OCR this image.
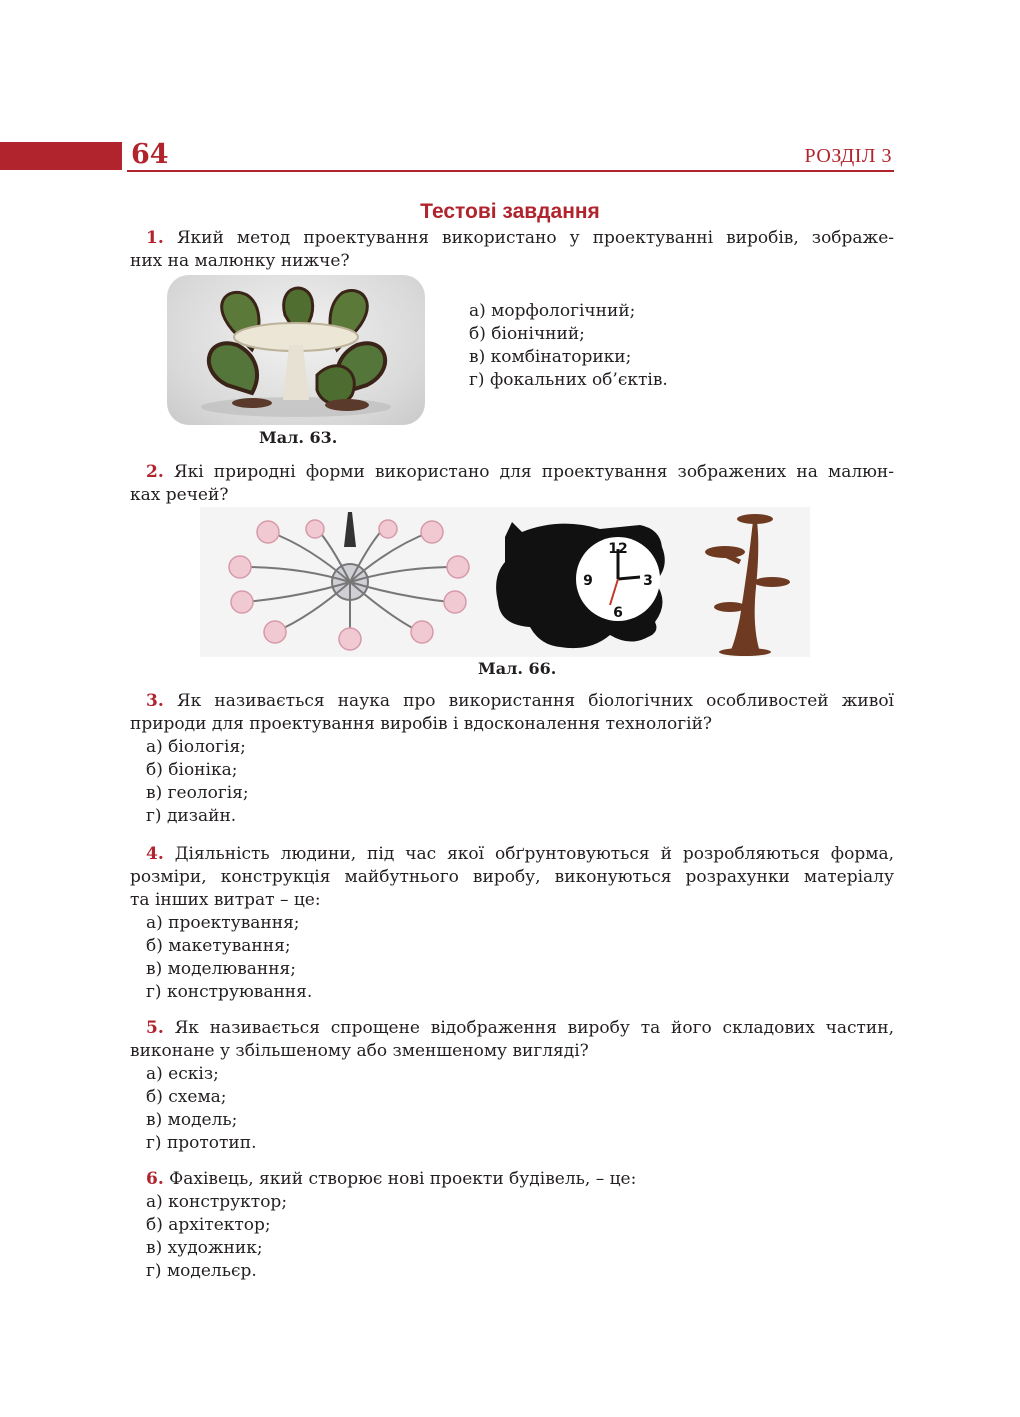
64	РОЗДІЛ 3
Тестові завдання
1. Який метод проектування використано у проектуванні виробів, зображе-
них на малюнку нижче?
а) морфологічний;
б) біонічний;
в) комбінаторики;
г) фокальних об’єктів.
Мал. 63.
2. Які природні форми використано для проектування зображених на малюн-
ках речей?
12
9	3
6
Мал. 66.
3. Як називається наука про використання біологічних особливостей живої
природи для проектування виробів і вдосконалення технологій?
а) біологія;
б) біоніка;
в) геологія;
г) дизайн.
4. Діяльність людини, під час якої обґрунтовуються й розробляються форма,
розміри, конструкція майбутнього виробу, виконуються розрахунки матеріалу
та інших витрат – це:
а) проектування;
б) макетування;
в) моделювання;
г) конструювання.
5. Як називається спрощене відображення виробу та його складових частин,
виконане у збільшеному або зменшеному вигляді?
а) ескіз;
б) схема;
в) модель;
г) прототип.
6. Фахівець, який створює нові проекти будівель, – це:
а) конструктор;
б) архітектор;
в) художник;
г) модельєр.
